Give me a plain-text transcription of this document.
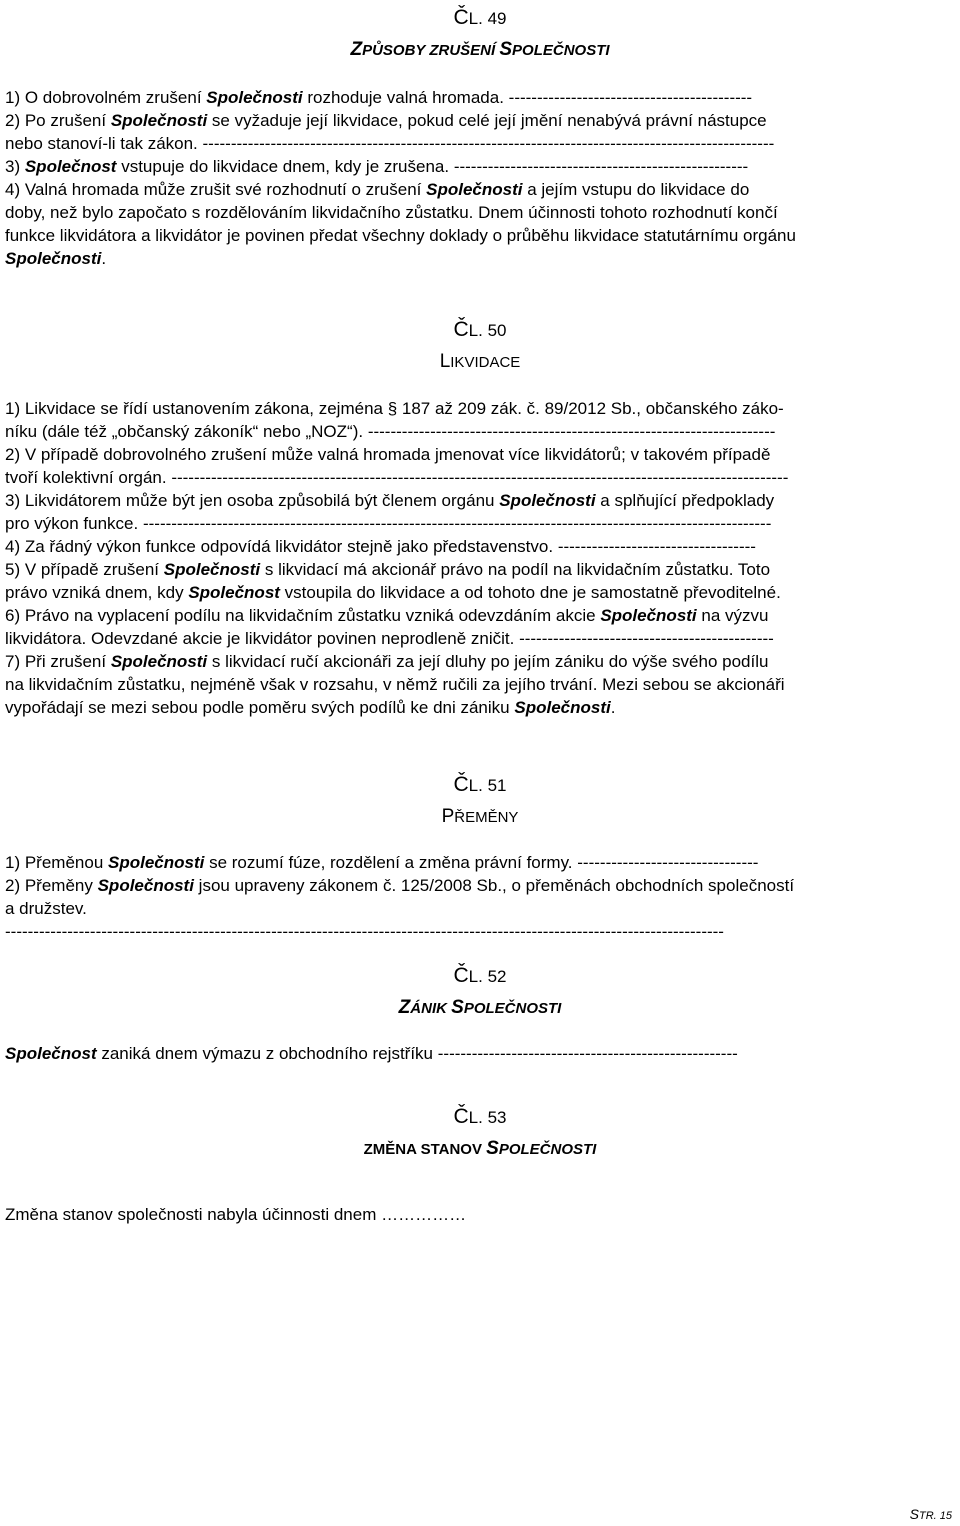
ČL. 49

ZPŮSOBY ZRUŠENÍ SPOLEČNOSTI

1) O dobrovolném zrušení Společnosti rozhoduje valná hromada. -------------------------------------------
2) Po zrušení Společnosti se vyžaduje její likvidace, pokud celé její jmění nenabývá právní nástupce
nebo stanoví-li tak zákon. -----------------------------------------------------------------------------------------------------
3) Společnost vstupuje do likvidace dnem, kdy je zrušena. ----------------------------------------------------
4) Valná hromada může zrušit své rozhodnutí o zrušení Společnosti a jejím vstupu do likvidace do
doby, než bylo započato s rozdělováním likvidačního zůstatku. Dnem účinnosti tohoto rozhodnutí končí
funkce likvidátora a likvidátor je povinen předat všechny doklady o průběhu likvidace statutárnímu orgánu
Společnosti.

ČL. 50

LIKVIDACE

1) Likvidace se řídí ustanovením zákona, zejména § 187 až 209 zák. č. 89/2012 Sb., občanského záko-
níku (dále též „občanský zákoník“ nebo „NOZ“). ------------------------------------------------------------------------
2) V případě dobrovolného zrušení může valná hromada jmenovat více likvidátorů; v takovém případě
tvoří kolektivní orgán. -------------------------------------------------------------------------------------------------------------
3) Likvidátorem může být jen osoba způsobilá být členem orgánu Společnosti a splňující předpoklady
pro výkon funkce. ---------------------------------------------------------------------------------------------------------------
4) Za řádný výkon funkce odpovídá likvidátor stejně jako představenstvo. -----------------------------------
5) V případě zrušení Společnosti s likvidací má akcionář právo na podíl na likvidačním zůstatku. Toto
právo vzniká dnem, kdy Společnost vstoupila do likvidace a od tohoto dne je samostatně převoditelné.
6) Právo na vyplacení podílu na likvidačním zůstatku vzniká odevzdáním akcie Společnosti na výzvu
likvidátora. Odevzdané akcie je likvidátor povinen neprodleně zničit. ---------------------------------------------
7) Při zrušení Společnosti s likvidací ručí akcionáři za její dluhy po jejím zániku do výše svého podílu
na likvidačním zůstatku, nejméně však v rozsahu, v němž ručili za jejího trvání. Mezi sebou se akcionáři
vypořádají se mezi sebou podle poměru svých podílů ke dni zániku Společnosti.

ČL. 51

PŘEMĚNY

1) Přeměnou Společnosti se rozumí fúze, rozdělení a změna právní formy. --------------------------------
2) Přeměny Společnosti jsou upraveny zákonem č. 125/2008 Sb., o přeměnách obchodních společností
a družstev.
-------------------------------------------------------------------------------------------------------------------------------

ČL. 52

ZÁNIK SPOLEČNOSTI

Společnost zaniká dnem výmazu z obchodního rejstříku -----------------------------------------------------

ČL. 53

ZMĚNA STANOV SPOLEČNOSTI

Změna stanov společnosti nabyla účinnosti dnem ……………
STR. 15
